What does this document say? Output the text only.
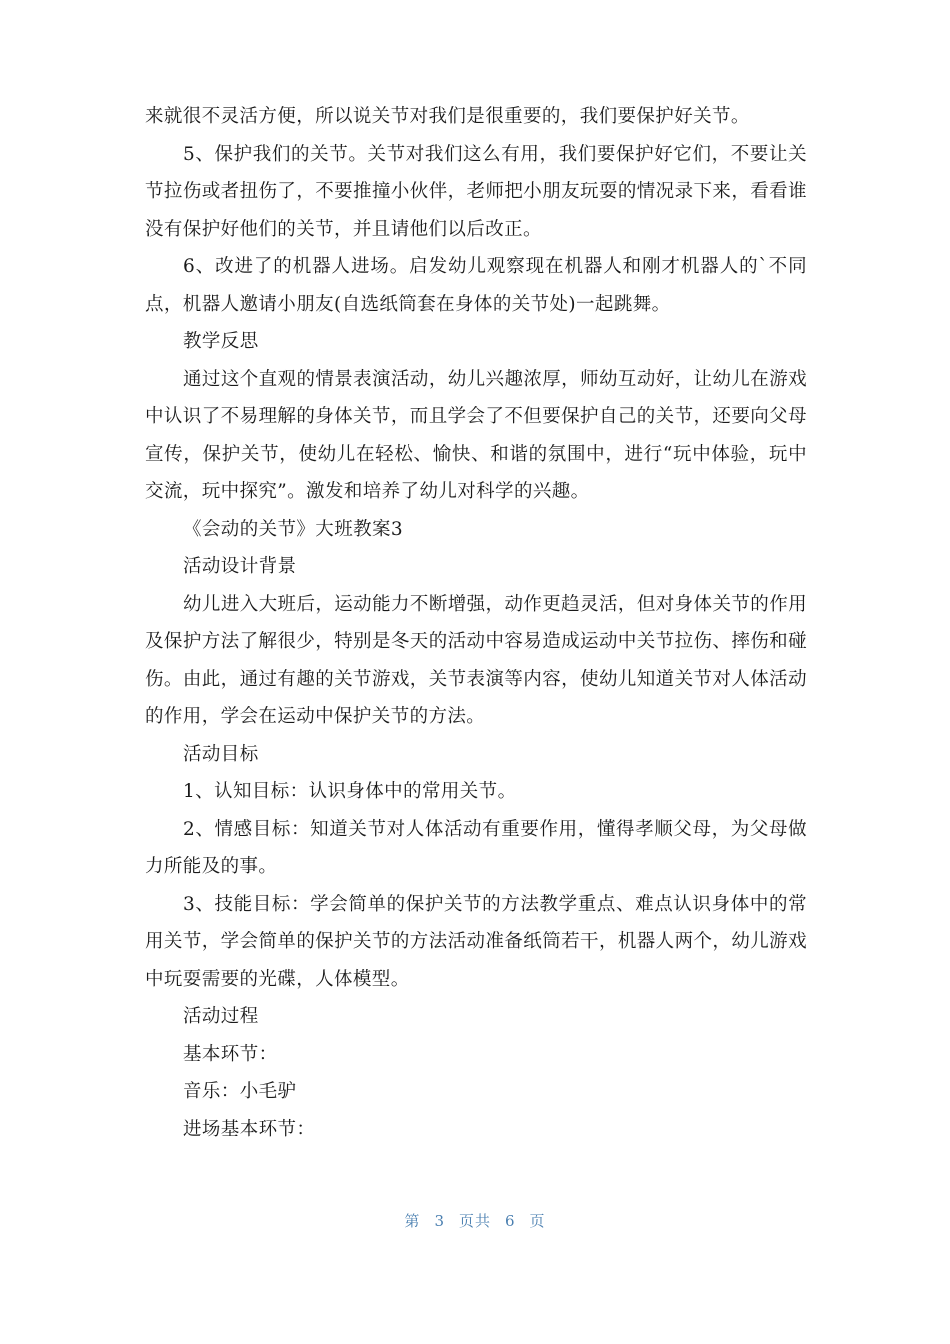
来就很不灵活方便，所以说关节对我们是很重要的，我们要保护好关节。

5、保护我们的关节。关节对我们这么有用，我们要保护好它们，不要让关节拉伤或者扭伤了，不要推撞小伙伴，老师把小朋友玩耍的情况录下来，看看谁没有保护好他们的关节，并且请他们以后改正。

6、改进了的机器人进场。启发幼儿观察现在机器人和刚才机器人的`不同点，机器人邀请小朋友(自选纸筒套在身体的关节处)一起跳舞。

教学反思

通过这个直观的情景表演活动，幼儿兴趣浓厚，师幼互动好，让幼儿在游戏中认识了不易理解的身体关节，而且学会了不但要保护自己的关节，还要向父母宣传，保护关节，使幼儿在轻松、愉快、和谐的氛围中，进行“玩中体验，玩中交流，玩中探究”。激发和培养了幼儿对科学的兴趣。

《会动的关节》大班教案3

活动设计背景

幼儿进入大班后，运动能力不断增强，动作更趋灵活，但对身体关节的作用及保护方法了解很少，特别是冬天的活动中容易造成运动中关节拉伤、摔伤和碰伤。由此，通过有趣的关节游戏，关节表演等内容，使幼儿知道关节对人体活动的作用，学会在运动中保护关节的方法。

活动目标

1、认知目标：认识身体中的常用关节。

2、情感目标：知道关节对人体活动有重要作用，懂得孝顺父母，为父母做力所能及的事。

3、技能目标：学会简单的保护关节的方法教学重点、难点认识身体中的常用关节，学会简单的保护关节的方法活动准备纸筒若干，机器人两个，幼儿游戏中玩耍需要的光碟，人体模型。

活动过程

基本环节：

音乐：小毛驴

进场基本环节：

第 3 页共 6 页
